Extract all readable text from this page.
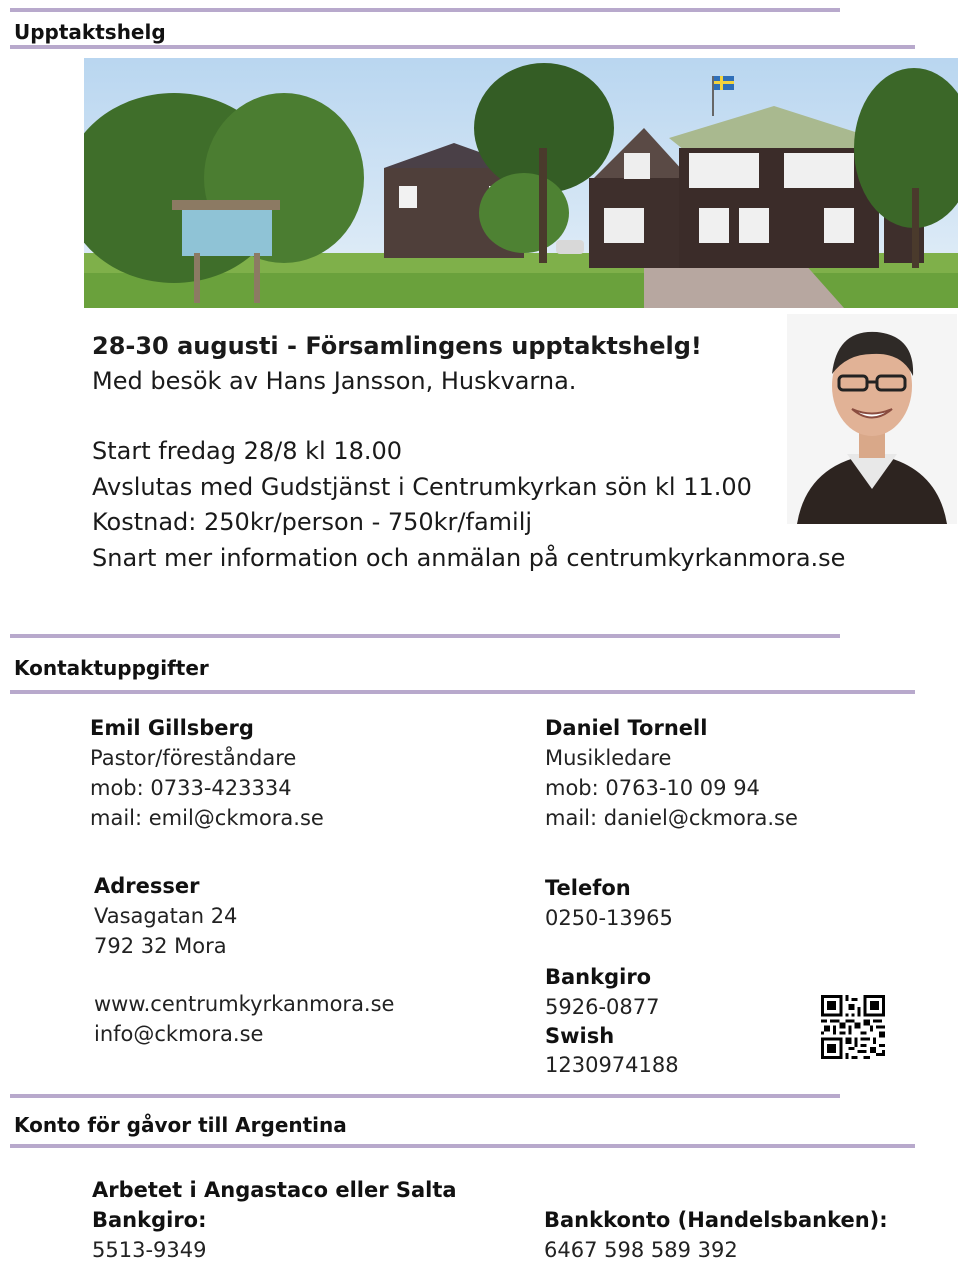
Upptaktshelg
28-30 augusti - Församlingens upptaktshelg!
Med besök av Hans Jansson, Huskvarna.
Start fredag 28/8 kl 18.00
Avslutas med Gudstjänst i Centrumkyrkan sön kl 11.00
Kostnad: 250kr/person - 750kr/familj
Snart mer information och anmälan på centrumkyrkanmora.se
Kontaktuppgifter
Emil Gillsberg
Pastor/föreståndare
mob: 0733-423334
mail: emil@ckmora.se
Daniel Tornell
Musikledare
mob: 0763-10 09 94
mail: daniel@ckmora.se
Adresser
Vasagatan 24
792 32 Mora
www.centrumkyrkanmora.se
info@ckmora.se
Telefon
0250-13965
Bankgiro
5926-0877
Swish
1230974188
Konto för gåvor till Argentina
Arbetet i Angastaco eller Salta
Bankgiro:
5513-9349
Bankkonto (Handelsbanken):
6467 598 589 392
